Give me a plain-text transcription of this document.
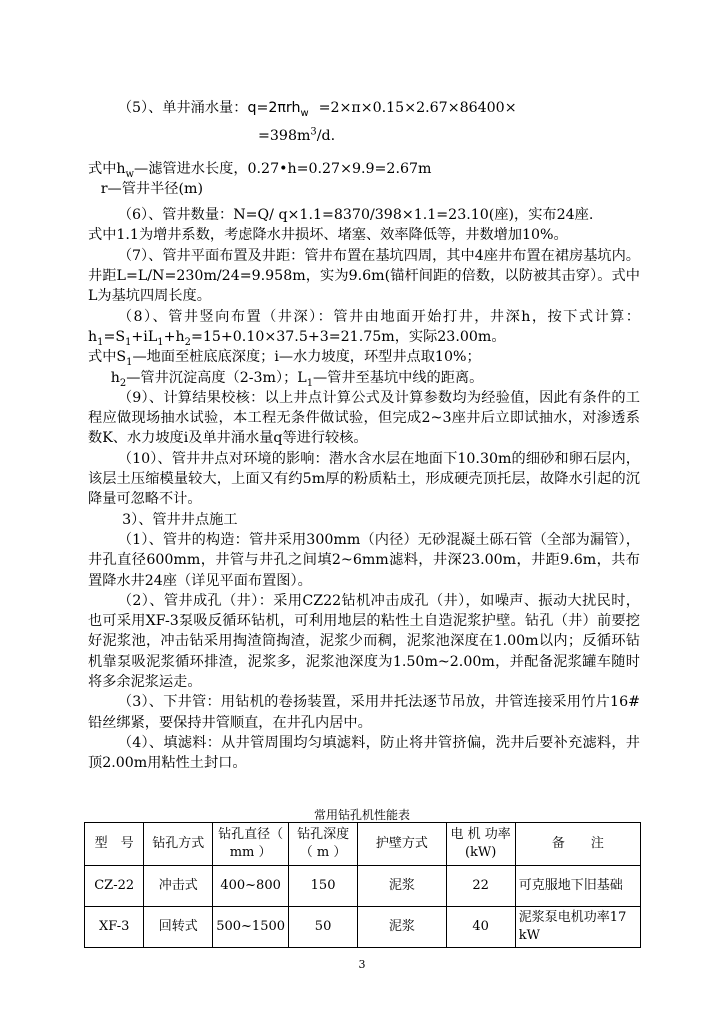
（5）、单井涌水量：q=2πrh$_w$ =2×π×0.15×2.67×86400×

$=398m^3/d$.

式中$h_w—$滤管进水长度，0.27•h=0.27×9.9=2.67m

r—管井半径(m)

（6）、管井数量：N=Q/ q×1.1=8370/398×1.1=23.10(座)，实布24座.

式中1.1为增井系数，考虑降水井损坏、堵塞、效率降低等，井数增加10%。

（7）、管井平面布置及井距：管井布置在基坑四周，其中4座井布置在裙房基坑内。井距L=L/N=230m/24=9.958m，实为9.6m(锚杆间距的倍数，以防被其击穿）。式中L为基坑四周长度。

（8）、管井竖向布置（井深）：管井由地面开始打井，井深h，按下式计算：$h_1=S_1+iL_1+h_2=15+0.10\times 37.5+3=21.75m$，实际23.00m。

式中$S_1—$地面至桩底底深度；i—水力坡度，环型井点取10%；

$h_2—$管井沉淀高度（2-3m）；$L_1—$管井至基坑中线的距离。

（9）、计算结果校核：以上井点计算公式及计算参数均为经验值，因此有条件的工程应做现场抽水试验，本工程无条件做试验，但完成2~3座井后立即试抽水，对渗透系数K、水力坡度i及单井涌水量q等进行较核。

（10）、管井井点对环境的影响：潜水含水层在地面下10.30m的细砂和卵石层内，该层土压缩模量较大，上面又有约5m厚的粉质粘土，形成硬壳顶托层，故降水引起的沉降量可忽略不计。

3）、管井井点施工

（1）、管井的构造：管井采用300mm（内径）无砂混凝土砾石管（全部为漏管），井孔直径600mm，井管与井孔之间填2~6mm滤料，井深23.00m，井距9.6m，共布置降水井24座（详见平面布置图）。

（2）、管井成孔（井）：采用CZ22钻机冲击成孔（井），如噪声、振动大扰民时，也可采用XF-3泵吸反循环钻机，可利用地层的粘性土自造泥浆护壁。钻孔（井）前要挖好泥浆池，冲击钻采用掏渣筒掏渣，泥浆少而稠，泥浆池深度在1.00m以内；反循环钻机靠泵吸泥浆循环排渣，泥浆多，泥浆池深度为1.50m~2.00m，并配备泥浆罐车随时将多余泥浆运走。

（3）、下井管：用钻机的卷扬装置，采用井托法逐节吊放，井管连接采用竹片16#铅丝绑紧，要保持井管顺直，在井孔内居中。

（4）、填滤料：从井管周围均匀填滤料，防止将井管挤偏，洗井后要补充滤料，井顶2.00m用粘性土封口。

常用钻孔机性能表
型　号	钻孔方式	钻孔直径（ mm ）	钻孔深度（ m ）	护壁方式	电 机 功率(kW)	备　　注
CZ-22	冲击式	400~800	150	泥浆	22	可克服地下旧基础
XF-3	回转式	500~1500	50	泥浆	40	泥浆泵电机功率17 kW
3
